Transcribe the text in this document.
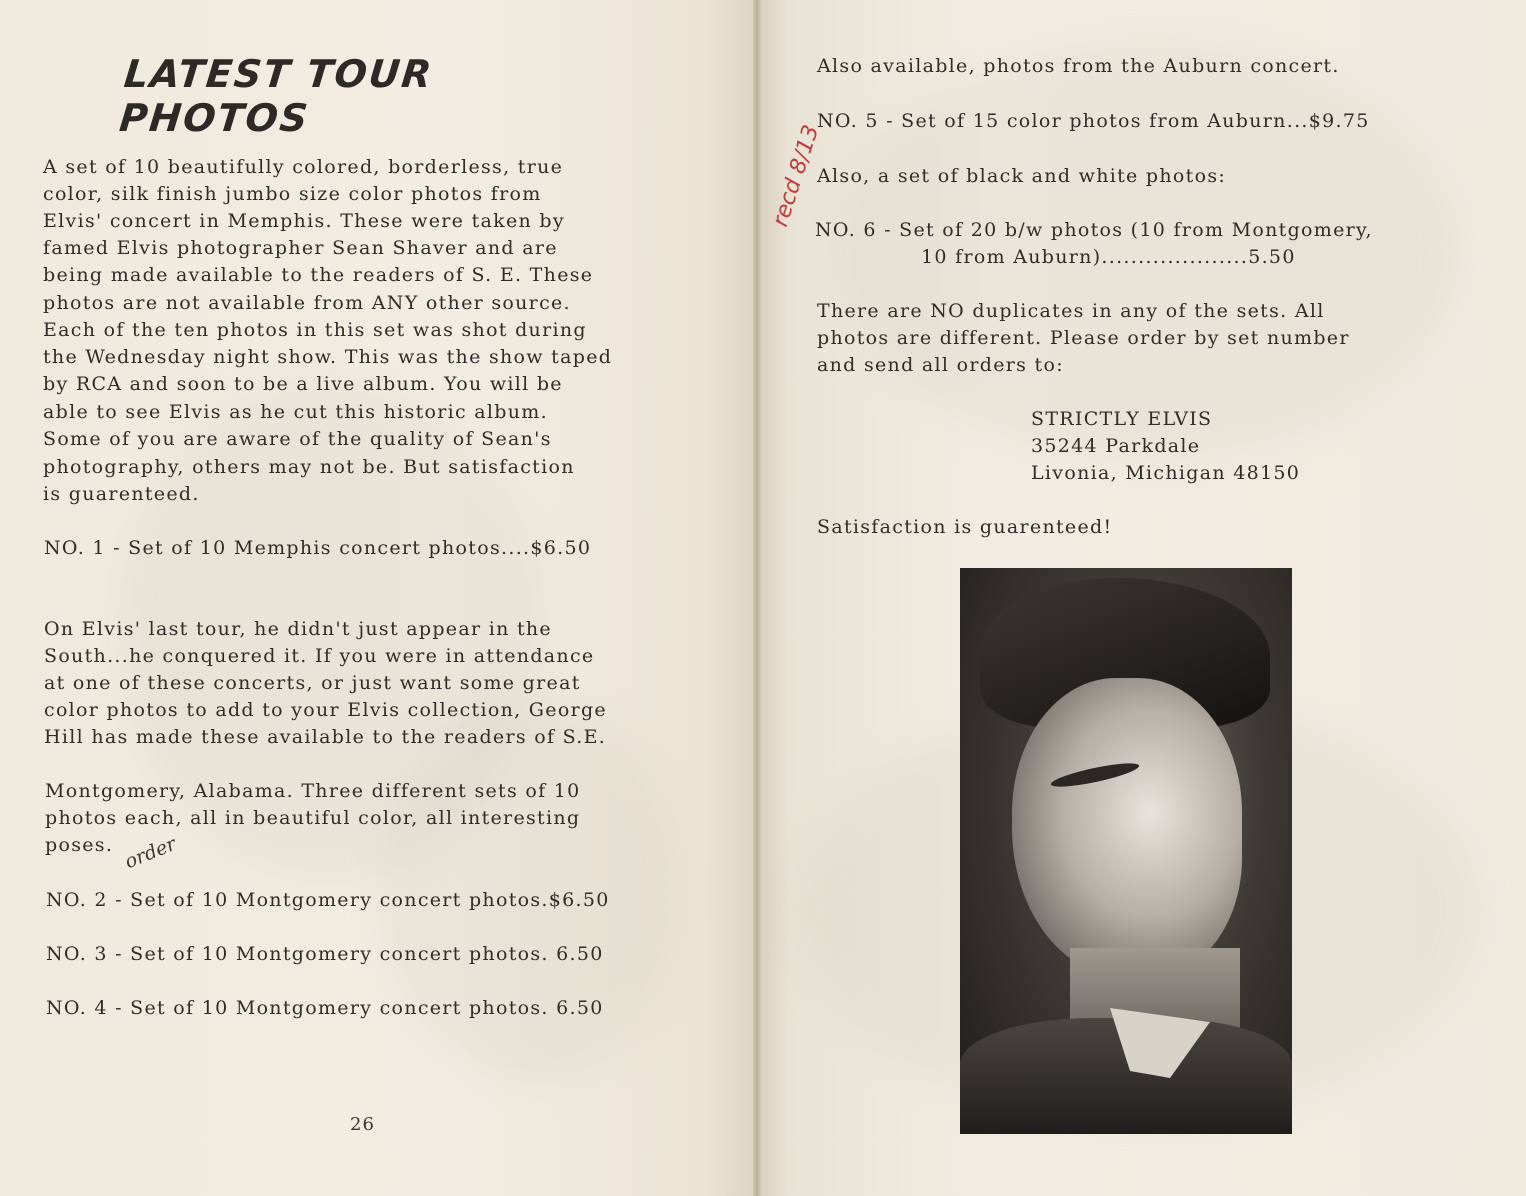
LATEST TOUR PHOTOS
A set of 10 beautifully colored, borderless, true
color, silk finish jumbo size color photos from
Elvis' concert in Memphis. These were taken by
famed Elvis photographer Sean Shaver and are
being made available to the readers of S. E. These
photos are not available from ANY other source.
Each of the ten photos in this set was shot during
the Wednesday night show. This was the show taped
by RCA and soon to be a live album. You will be
able to see Elvis as he cut this historic album.
Some of you are aware of the quality of Sean's
photography, others may not be. But satisfaction
is guarenteed.
NO. 1 - Set of 10 Memphis concert photos....$6.50
On Elvis' last tour, he didn't just appear in the
South...he conquered it. If you were in attendance
at one of these concerts, or just want some great
color photos to add to your Elvis collection, George
Hill has made these available to the readers of S.E.
Montgomery, Alabama. Three different sets of 10
photos each, all in beautiful color, all interesting
poses. order
NO. 2 - Set of 10 Montgomery concert photos.$6.50
NO. 3 - Set of 10 Montgomery concert photos. 6.50
NO. 4 - Set of 10 Montgomery concert photos. 6.50
26
Also available, photos from the Auburn concert.
NO. 5 - Set of 15 color photos from Auburn...$9.75
Also, a set of black and white photos:
NO. 6 - Set of 20 b/w photos (10 from Montgomery,
10 from Auburn)....................5.50
recd 8/13
There are NO duplicates in any of the sets. All
photos are different. Please order by set number
and send all orders to:
STRICTLY ELVIS
35244 Parkdale
Livonia, Michigan 48150
Satisfaction is guarenteed!
